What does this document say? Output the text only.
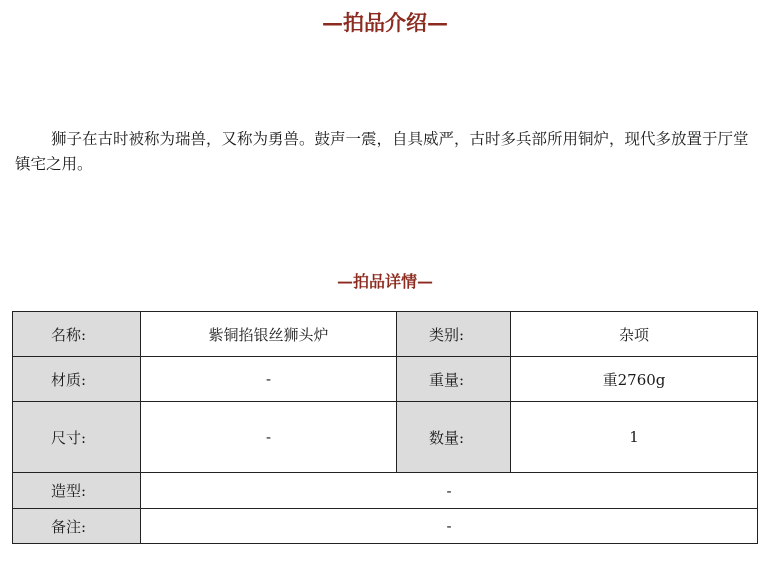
—拍品介绍—

狮子在古时被称为瑞兽，又称为勇兽。鼓声一震，自具威严，古时多兵部所用铜炉，现代多放置于厅堂镇宅之用。

—拍品详情—
名称:	紫铜掐银丝狮头炉	类别:	杂项
材质:	-	重量:	重2760g
尺寸:	-	数量:	1
造型:	-		
备注:	-		
